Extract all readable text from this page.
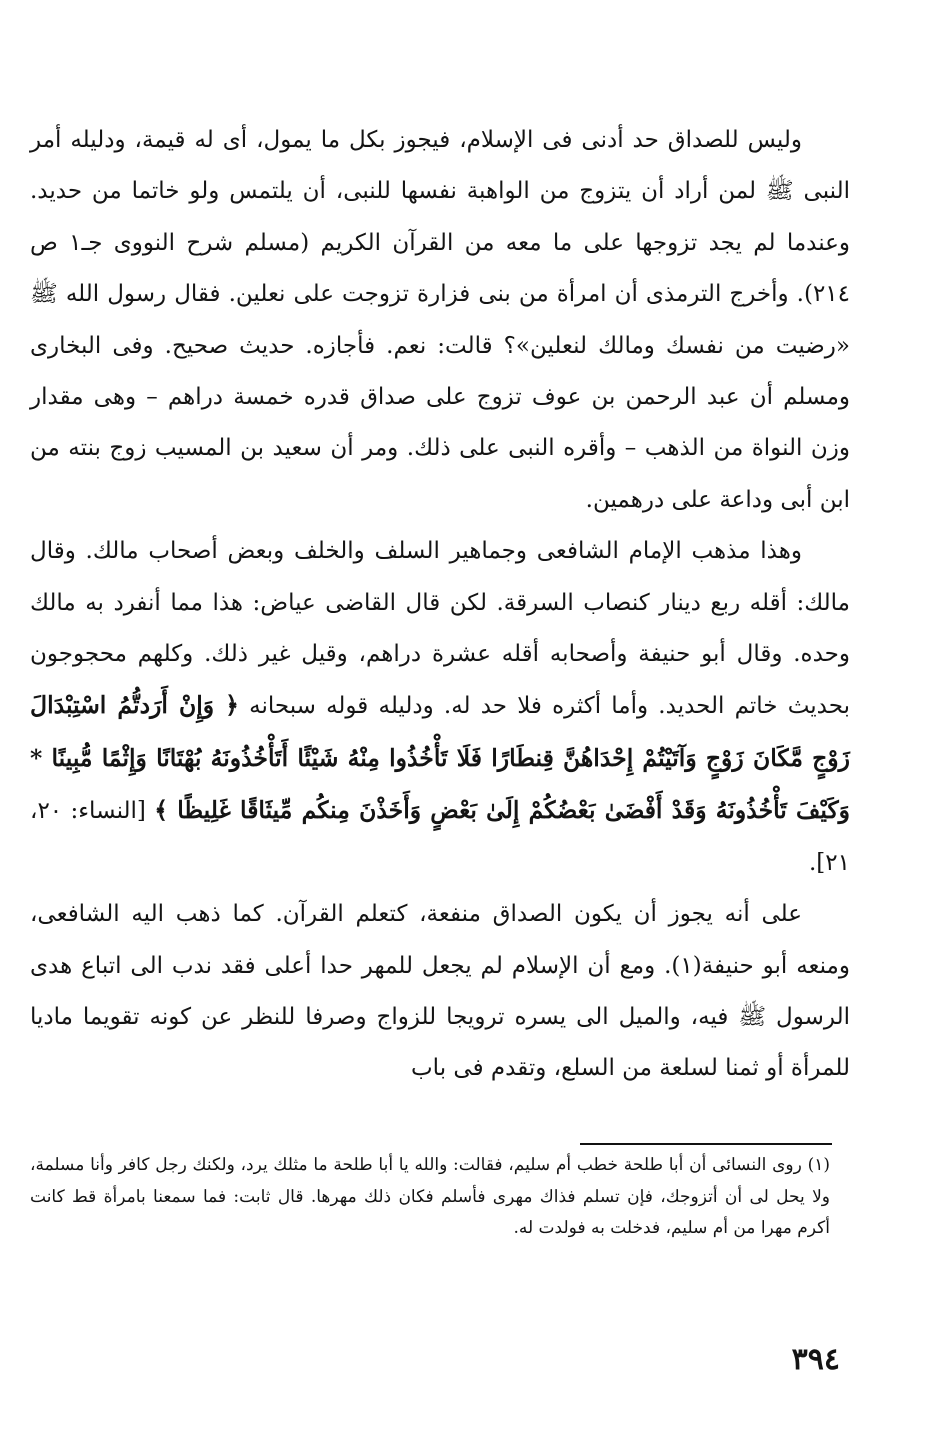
وليس للصداق حد أدنى فى الإسلام، فيجوز بكل ما يمول، أى له قيمة، ودليله أمر النبى ﷺ لمن أراد أن يتزوج من الواهبة نفسها للنبى، أن يلتمس ولو خاتما من حديد. وعندما لم يجد تزوجها على ما معه من القرآن الكريم (مسلم شرح النووى جـ١ ص ٢١٤). وأخرج الترمذى أن امرأة من بنى فزارة تزوجت على نعلين. فقال رسول الله ﷺ «رضيت من نفسك ومالك لنعلين»؟ قالت: نعم. فأجازه. حديث صحيح. وفى البخارى ومسلم أن عبد الرحمن بن عوف تزوج على صداق قدره خمسة دراهم – وهى مقدار وزن النواة من الذهب – وأقره النبى على ذلك. ومر أن سعيد بن المسيب زوج بنته من ابن أبى وداعة على درهمين.

وهذا مذهب الإمام الشافعى وجماهير السلف والخلف وبعض أصحاب مالك. وقال مالك: أقله ربع دينار كنصاب السرقة. لكن قال القاضى عياض: هذا مما أنفرد به مالك وحده. وقال أبو حنيفة وأصحابه أقله عشرة دراهم، وقيل غير ذلك. وكلهم محجوجون بحديث خاتم الحديد. وأما أكثره فلا حد له. ودليله قوله سبحانه ﴿ وَإِنْ أَرَدتُّمُ اسْتِبْدَالَ زَوْجٍ مَّكَانَ زَوْجٍ وَآتَيْتُمْ إِحْدَاهُنَّ قِنطَارًا فَلَا تَأْخُذُوا مِنْهُ شَيْئًا أَتَأْخُذُونَهُ بُهْتَانًا وَإِثْمًا مُّبِينًا * وَكَيْفَ تَأْخُذُونَهُ وَقَدْ أَفْضَىٰ بَعْضُكُمْ إِلَىٰ بَعْضٍ وَأَخَذْنَ مِنكُم مِّيثَاقًا غَلِيظًا ﴾ [النساء: ٢٠، ٢١].

على أنه يجوز أن يكون الصداق منفعة، كتعلم القرآن. كما ذهب اليه الشافعى، ومنعه أبو حنيفة(١). ومع أن الإسلام لم يجعل للمهر حدا أعلى فقد ندب الى اتباع هدى الرسول ﷺ فيه، والميل الى يسره ترويجا للزواج وصرفا للنظر عن كونه تقويما ماديا للمرأة أو ثمنا لسلعة من السلع، وتقدم فى باب

(١) روى النسائى أن أبا طلحة خطب أم سليم، فقالت: والله يا أبا طلحة ما مثلك يرد، ولكنك رجل كافر وأنا مسلمة، ولا يحل لى أن أتزوجك، فإن تسلم فذاك مهرى فأسلم فكان ذلك مهرها. قال ثابت: فما سمعنا بامرأة قط كانت أكرم مهرا من أم سليم، فدخلت به فولدت له.

٣٩٤
